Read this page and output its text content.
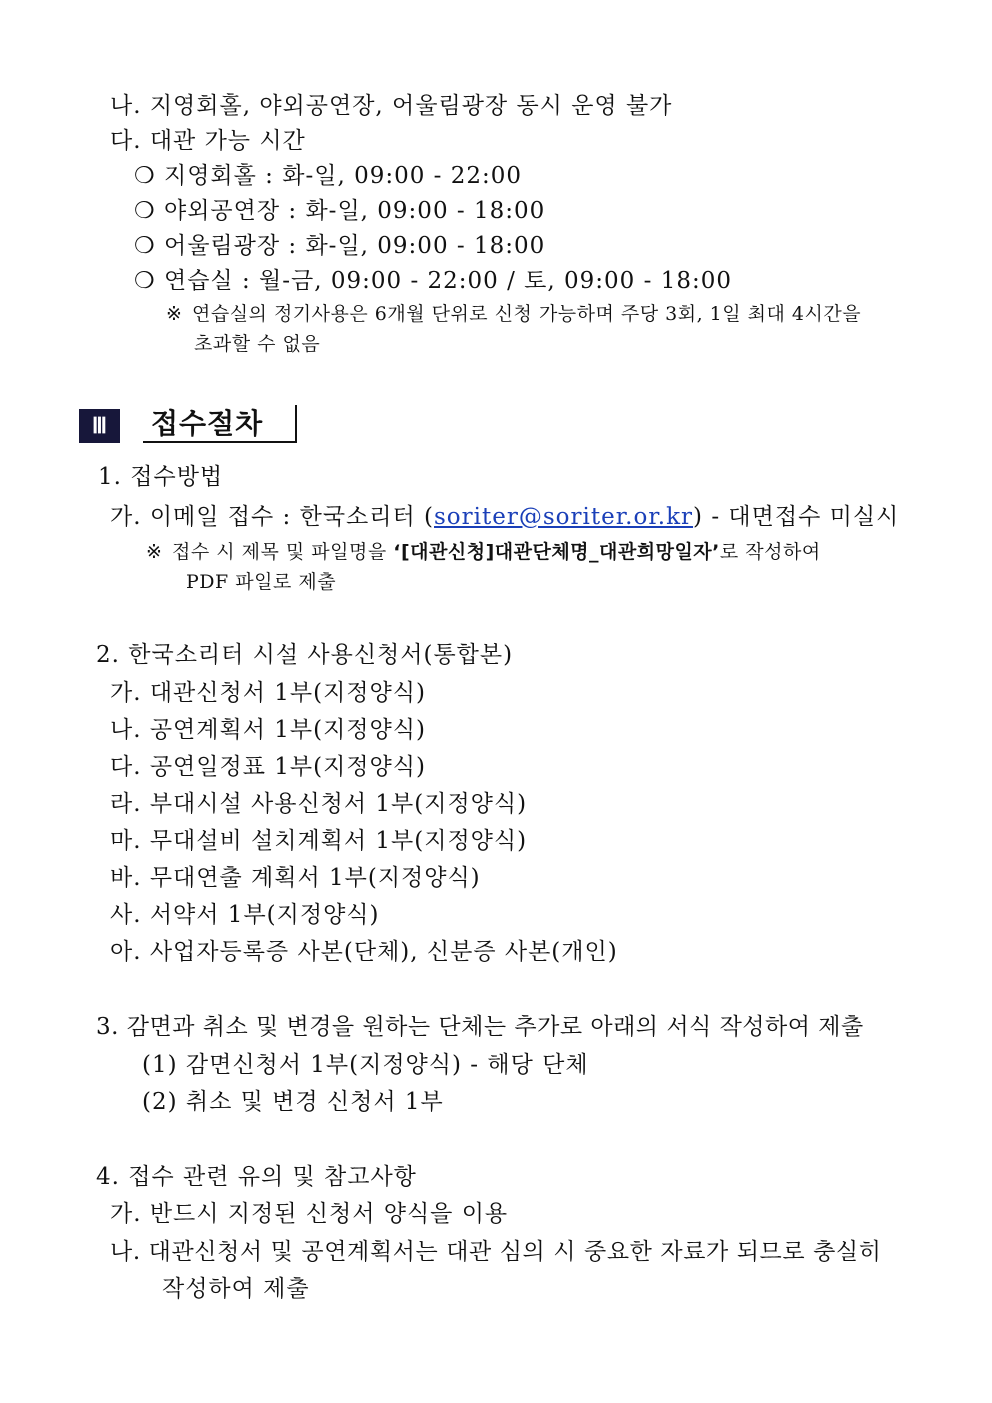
나. 지영회홀, 야외공연장, 어울림광장 동시 운영 불가
다. 대관 가능 시간
❍ 지영회홀 : 화-일, 09:00 - 22:00
❍ 야외공연장 : 화-일, 09:00 - 18:00
❍ 어울림광장 : 화-일, 09:00 - 18:00
❍ 연습실 : 월-금, 09:00 - 22:00 / 토, 09:00 - 18:00
※ 연습실의 정기사용은 6개월 단위로 신청 가능하며 주당 3회, 1일 최대 4시간을
초과할 수 없음
Ⅲ	접수절차
1. 접수방법
가. 이메일 접수 : 한국소리터 (soriter@soriter.or.kr) - 대면접수 미실시
※ 접수 시 제목 및 파일명을 ‘[대관신청]대관단체명_대관희망일자’로 작성하여
PDF 파일로 제출
2. 한국소리터 시설 사용신청서(통합본)
가. 대관신청서 1부(지정양식)
나. 공연계획서 1부(지정양식)
다. 공연일정표 1부(지정양식)
라. 부대시설 사용신청서 1부(지정양식)
마. 무대설비 설치계획서 1부(지정양식)
바. 무대연출 계획서 1부(지정양식)
사. 서약서 1부(지정양식)
아. 사업자등록증 사본(단체), 신분증 사본(개인)
3. 감면과 취소 및 변경을 원하는 단체는 추가로 아래의 서식 작성하여 제출
(1) 감면신청서 1부(지정양식) - 해당 단체
(2) 취소 및 변경 신청서 1부
4. 접수 관련 유의 및 참고사항
가. 반드시 지정된 신청서 양식을 이용
나. 대관신청서 및 공연계획서는 대관 심의 시 중요한 자료가 되므로 충실히
작성하여 제출
